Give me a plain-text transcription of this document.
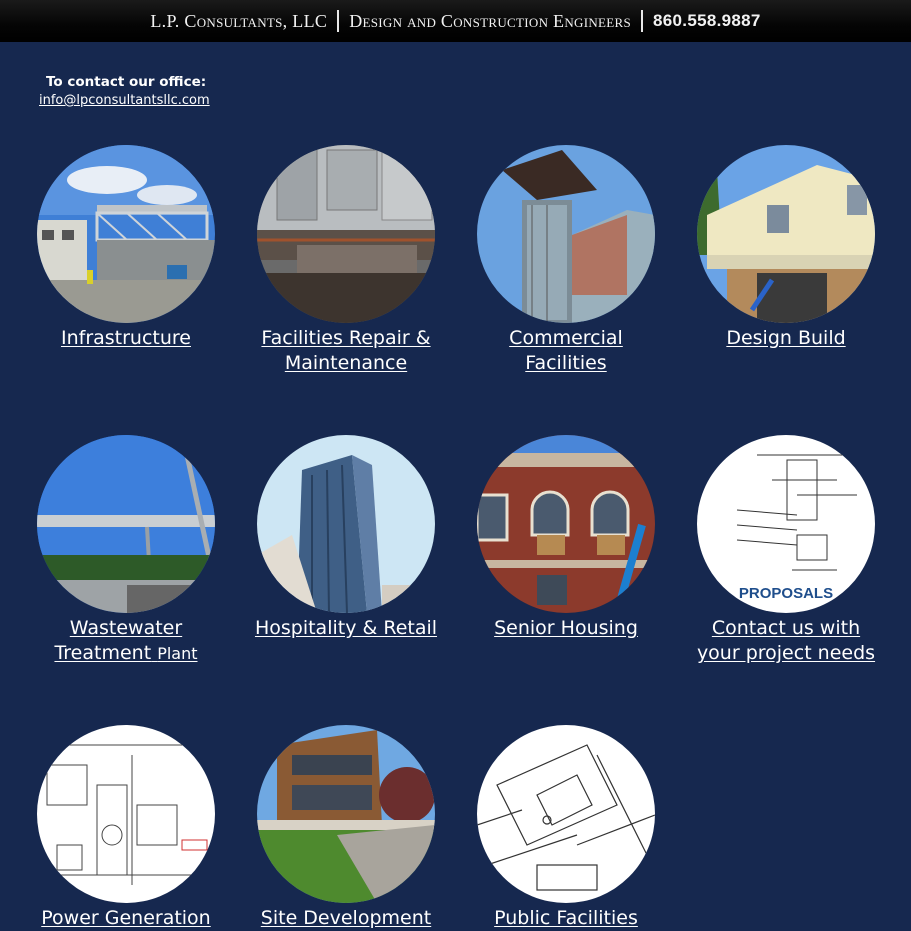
L.P. Consultants, LLC Design and Construction Engineers 860.558.9887
To contact our office:
info@lpconsultantsllc.com
Infrastructure	Facilities Repair &
Maintenance
Commercial
Facilities
Design Build
Wastewater
Treatment Plant
Hospitality & Retail	Senior Housing
PROPOSALS
Contact us with
your project needs
Power Generation	Site Development	Public Facilities
